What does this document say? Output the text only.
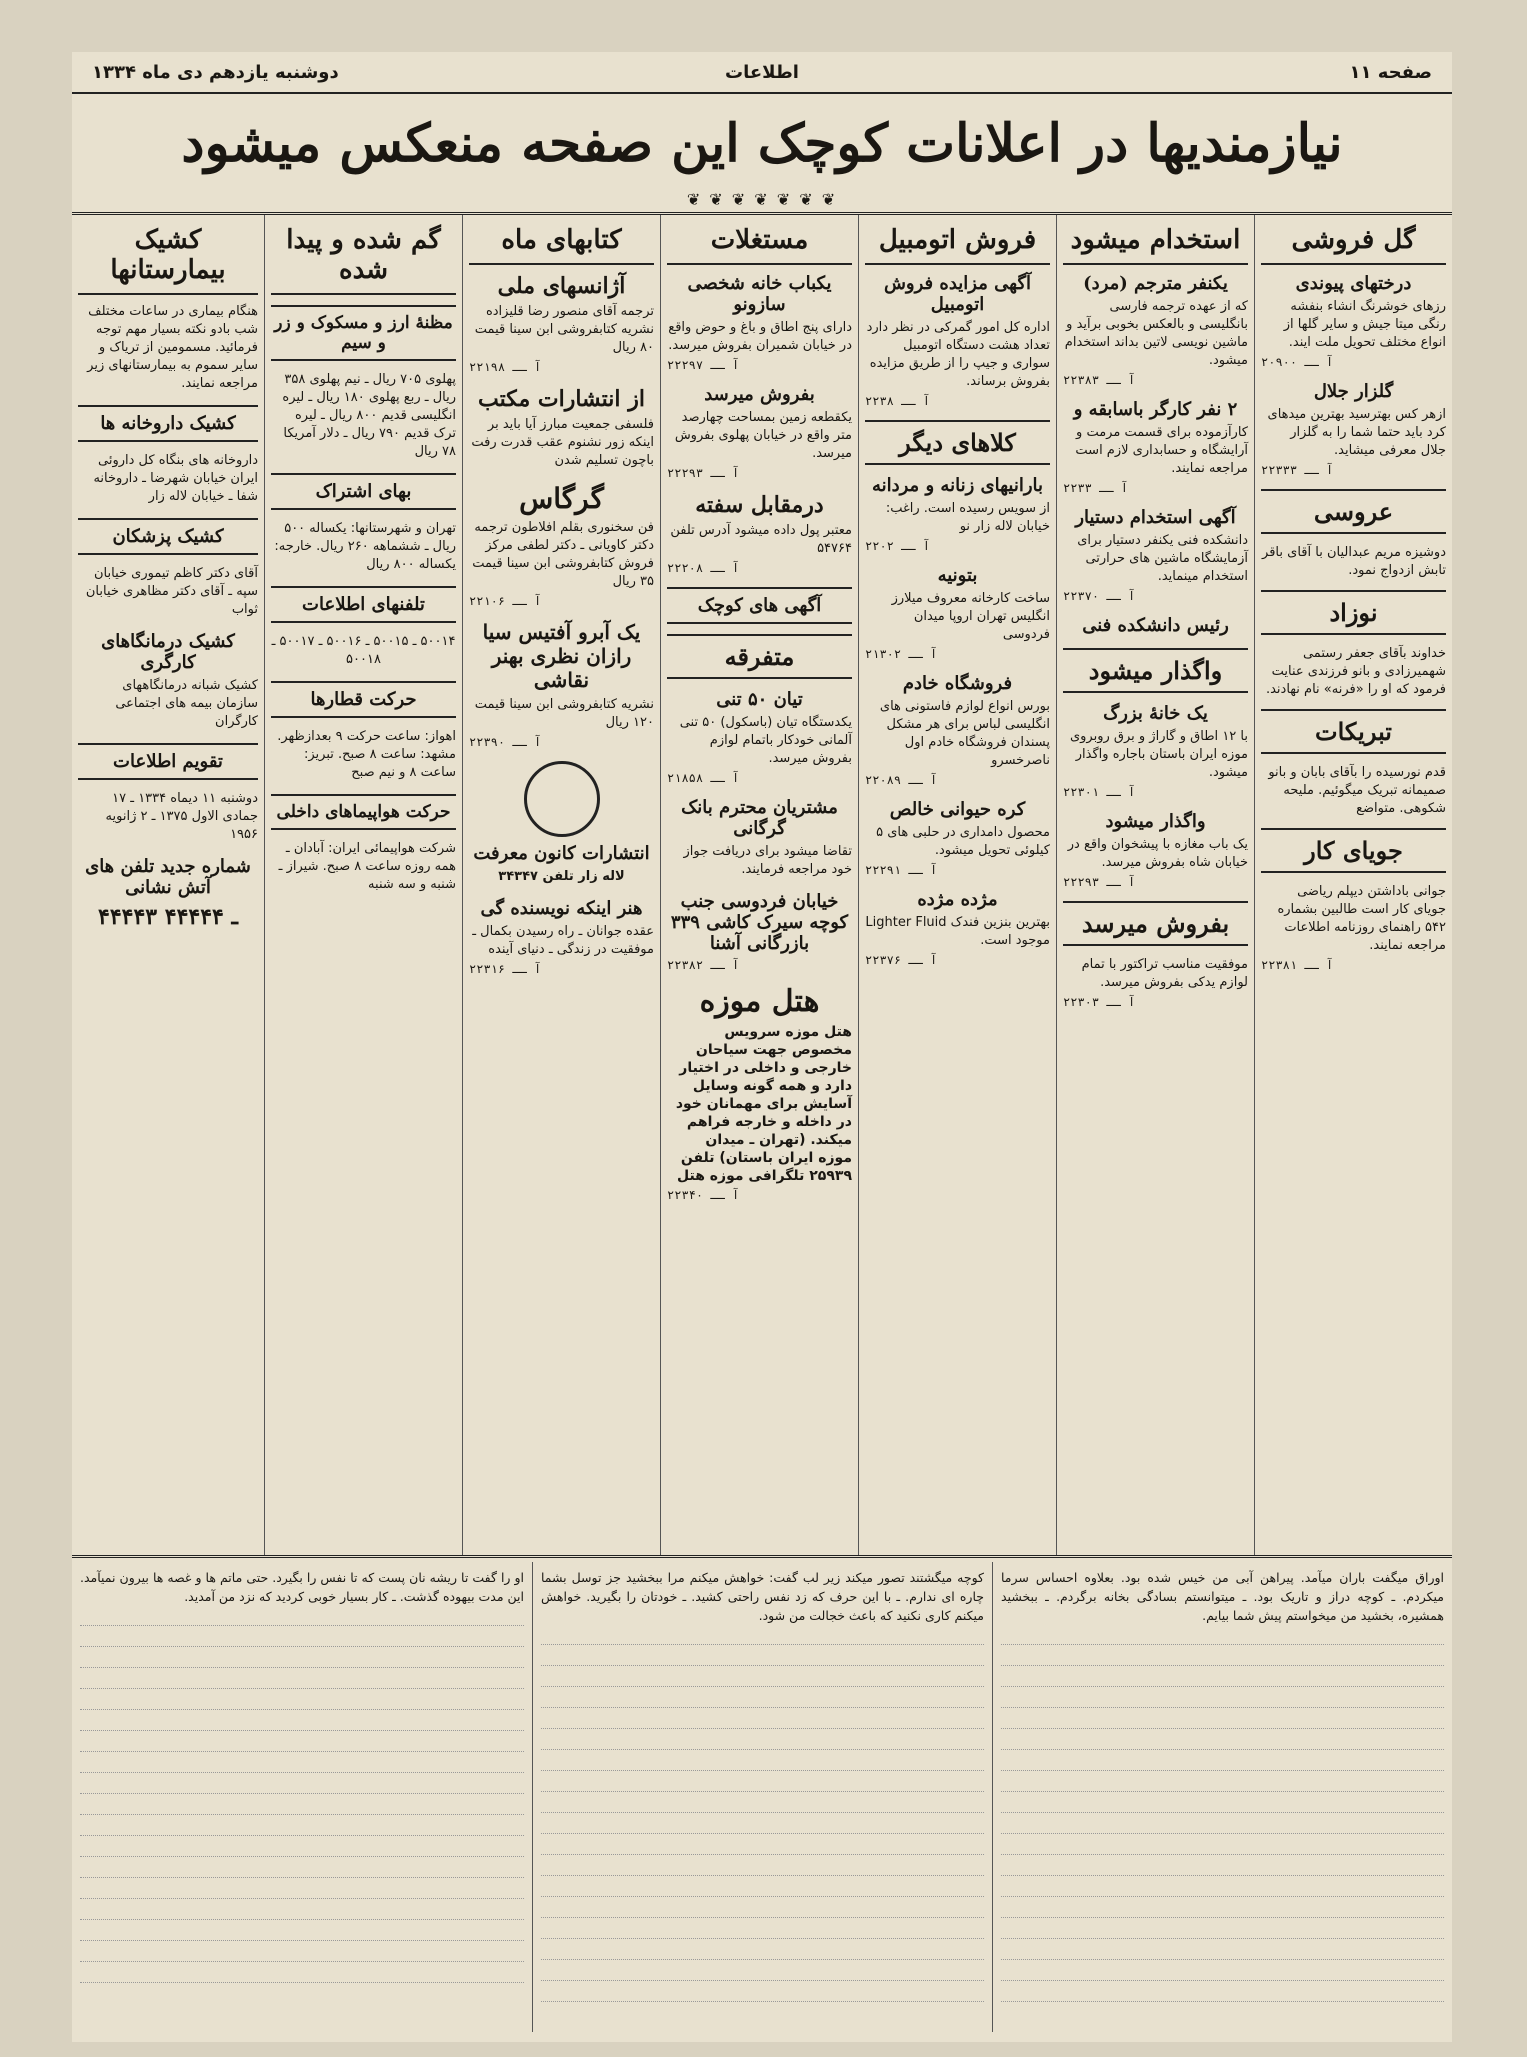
صفحه ۱۱
اطلاعات
دوشنبه یازدهم دی ماه ۱۳۳۴
نیازمندیها در اعلانات کوچک این صفحه منعکس میشود
❦ ❦ ❦ ❦ ❦ ❦ ❦
گل فروشی
درختهای پیوندی
رزهای خوشرنگ انشاء بنفشه رنگی میتا جیش و سایر گلها از انواع مختلف تحویل ملت ایند.
آ ــ ۲۰۹۰۰
گلزار جلال
ازهر کس بهترسید بهترین میدهای کرد باید حتما شما را به گلزار جلال معرفی میشاید.
آ ــ ۲۲۳۳۳
عروسی
دوشیزه مریم عبدالیان با آقای باقر تابش ازدواج نمود.
نوزاد
خداوند بآقای جعفر رستمی شهمیرزادی و بانو فرزندی عنایت فرمود که او را «فرنه» نام نهادند.
تبریکات
قدم نورسیده را بآقای بابان و بانو صمیمانه تبریک میگوئیم. ملیحه شکوهی. متواضع
جویای کار
جوانی باداشتن دیپلم ریاضی جویای کار است طالبین بشماره ۵۴۲ راهنمای روزنامه اطلاعات مراجعه نمایند.
آ ــ ۲۲۳۸۱
استخدام میشود
یکنفر مترجم (مرد)
که از عهده ترجمه فارسی بانگلیسی و بالعکس بخوبی برآید و ماشین نویسی لاتین بداند استخدام میشود.
آ ــ ۲۲۳۸۳
۲ نفر کارگر باسابقه و
کارآزموده برای قسمت مرمت و آرایشگاه و حسابداری لازم است مراجعه نمایند.
آ ــ ۲۲۳۳
آگهی استخدام دستیار
دانشکده فنی یکنفر دستیار برای آزمایشگاه ماشین های حرارتی استخدام مینماید.
آ ــ ۲۲۳۷۰
رئیس دانشکده فنی
واگذار میشود
یک خانهٔ بزرگ
با ۱۲ اطاق و گاراژ و برق روبروی موزه ایران باستان باجاره واگذار میشود.
آ ــ ۲۲۳۰۱
واگذار میشود
یک باب مغازه با پیشخوان واقع در خیابان شاه بفروش میرسد.
آ ــ ۲۲۲۹۳
بفروش میرسد
موفقیت مناسب تراکتور با تمام لوازم یدکی بفروش میرسد.
آ ــ ۲۲۳۰۳
فروش اتومبیل
آگهی مزایده فروش اتومبیل
اداره کل امور گمرکی در نظر دارد تعداد هشت دستگاه اتومبیل سواری و جیپ را از طریق مزایده بفروش برساند.
آ ــ ۲۲۳۸
کلاهای دیگر
بارانیهای زنانه و مردانه
از سویس رسیده است. راغب: خیابان لاله زار نو
آ ــ ۲۲۰۲
بتونیه
ساخت کارخانه معروف میلارز انگلیس تهران اروپا میدان فردوسی
آ ــ ۲۱۳۰۲
فروشگاه خادم
بورس انواع لوازم فاستونی های انگلیسی لباس برای هر مشکل پسندان فروشگاه خادم اول ناصرخسرو
آ ــ ۲۲۰۸۹
کره حیوانی خالص
محصول دامداری در حلبی های ۵ کیلوئی تحویل میشود.
آ ــ ۲۲۲۹۱
مژده مژده
بهترین بنزین فندک Lighter Fluid موجود است.
آ ــ ۲۲۳۷۶
مستغلات
یکباب خانه شخصی سازونو
دارای پنج اطاق و باغ و حوض واقع در خیابان شمیران بفروش میرسد.
آ ــ ۲۲۲۹۷
بفروش میرسد
یکقطعه زمین بمساحت چهارصد متر واقع در خیابان پهلوی بفروش میرسد.
آ ــ ۲۲۲۹۳
درمقابل سفته
معتبر پول داده میشود آدرس تلفن ۵۴۷۶۴
آ ــ ۲۲۲۰۸
آگهی های کوچک
متفرقه
تیان ۵۰ تنی
یکدستگاه تیان (باسکول) ۵۰ تنی آلمانی خودکار باتمام لوازم بفروش میرسد.
آ ــ ۲۱۸۵۸
مشتریان محترم بانک گرگانی
تقاضا میشود برای دریافت جواز خود مراجعه فرمایند.
خیابان فردوسی جنب کوچه سیرک کاشی ۳۳۹ بازرگانی آشنا
آ ــ ۲۲۳۸۲
هتل موزه
هتل موزه سرویس مخصوص جهت سیاحان خارجی و داخلی در اختیار دارد و همه گونه وسایل آسایش برای مهمانان خود در داخله و خارجه فراهم میکند. (تهران ـ میدان موزه ایران باستان) تلفن ۲۵۹۳۹ تلگرافی موزه هتل
آ ــ ۲۲۳۴۰
کتابهای ماه
آژانسهای ملی
ترجمه آقای منصور رضا قلیزاده نشریه کتابفروشی ابن سینا قیمت ۸۰ ریال
آ ــ ۲۲۱۹۸
از انتشارات مکتب
فلسفی جمعیت مبارز آیا باید بر اینکه زور نشنوم عقب قدرت رفت باچون تسلیم شدن
گرگاس
فن سخنوری بقلم افلاطون ترجمه دکتر کاویانی ـ دکتر لطفی مرکز فروش کتابفروشی ابن سینا قیمت ۳۵ ریال
آ ــ ۲۲۱۰۶
یک آبرو آفتیس سیا رازان نظری بهنر نقاشی
نشریه کتابفروشی ابن سینا قیمت ۱۲۰ ریال
آ ــ ۲۲۳۹۰
انتشارات کانون معرفت
لاله زار تلفن ۳۴۳۴۷
هنر اینکه نویسنده گی
عقده جوانان ـ راه رسیدن بکمال ـ موفقیت در زندگی ـ دنیای آینده
آ ــ ۲۲۳۱۶
گم شده و پیدا شده
مظنهٔ ارز و مسکوک و زر و سیم
پهلوی ۷۰۵ ریال ـ نیم پهلوی ۳۵۸ ریال ـ ربع پهلوی ۱۸۰ ریال ـ لیره انگلیسی قدیم ۸۰۰ ریال ـ لیره ترک قدیم ۷۹۰ ریال ـ دلار آمریکا ۷۸ ریال
بهای اشتراک
تهران و شهرستانها: یکساله ۵۰۰ ریال ـ ششماهه ۲۶۰ ریال. خارجه: یکساله ۸۰۰ ریال
تلفنهای اطلاعات
۵۰۰۱۴ ـ ۵۰۰۱۵ ـ ۵۰۰۱۶ ـ ۵۰۰۱۷ ـ ۵۰۰۱۸
حرکت قطارها
اهواز: ساعت حرکت ۹ بعدازظهر. مشهد: ساعت ۸ صبح. تبریز: ساعت ۸ و نیم صبح
حرکت هواپیماهای داخلی
شرکت هواپیمائی ایران: آبادان ـ همه روزه ساعت ۸ صبح. شیراز ـ شنبه و سه شنبه
کشیک بیمارستانها
هنگام بیماری در ساعات مختلف شب بادو نکته بسیار مهم توجه فرمائید. مسمومین از تریاک و سایر سموم به بیمارستانهای زیر مراجعه نمایند.
کشیک داروخانه ها
داروخانه های بنگاه کل داروئی ایران خیابان شهرضا ـ داروخانه شفا ـ خیابان لاله زار
کشیک پزشکان
آقای دکتر کاظم تیموری خیابان سپه ـ آقای دکتر مظاهری خیابان ثواب
کشیک درمانگاهای کارگری
کشیک شبانه درمانگاههای سازمان بیمه های اجتماعی کارگران
تقویم اطلاعات
دوشنبه ۱۱ دیماه ۱۳۳۴ ـ ۱۷ جمادی الاول ۱۳۷۵ ـ ۲ ژانویه ۱۹۵۶
شماره جدید تلفن های آتش نشانی
۴۴۴۴۳ ـ ۴۴۴۴۴
اوراق میگفت باران میآمد. پیراهن آبی من خیس شده بود. بعلاوه احساس سرما میکردم. ـ کوچه دراز و تاریک بود. ـ میتوانستم بسادگی بخانه برگردم. ـ ببخشید همشیره، بخشید من میخواستم پیش شما بیایم.
کوچه میگشتند تصور میکند زیر لب گفت: خواهش میکنم مرا ببخشید جز توسل بشما چاره ای ندارم. ـ با این حرف که زد نفس راحتی کشید. ـ خودتان را بگیرید. خواهش میکنم کاری نکنید که باعث خجالت من شود.
او را گفت تا ریشه نان پست که تا نفس را بگیرد. حتی ماتم ها و غصه ها بیرون نمیآمد. این مدت بیهوده گذشت. ـ کار بسیار خوبی کردید که نزد من آمدید.
